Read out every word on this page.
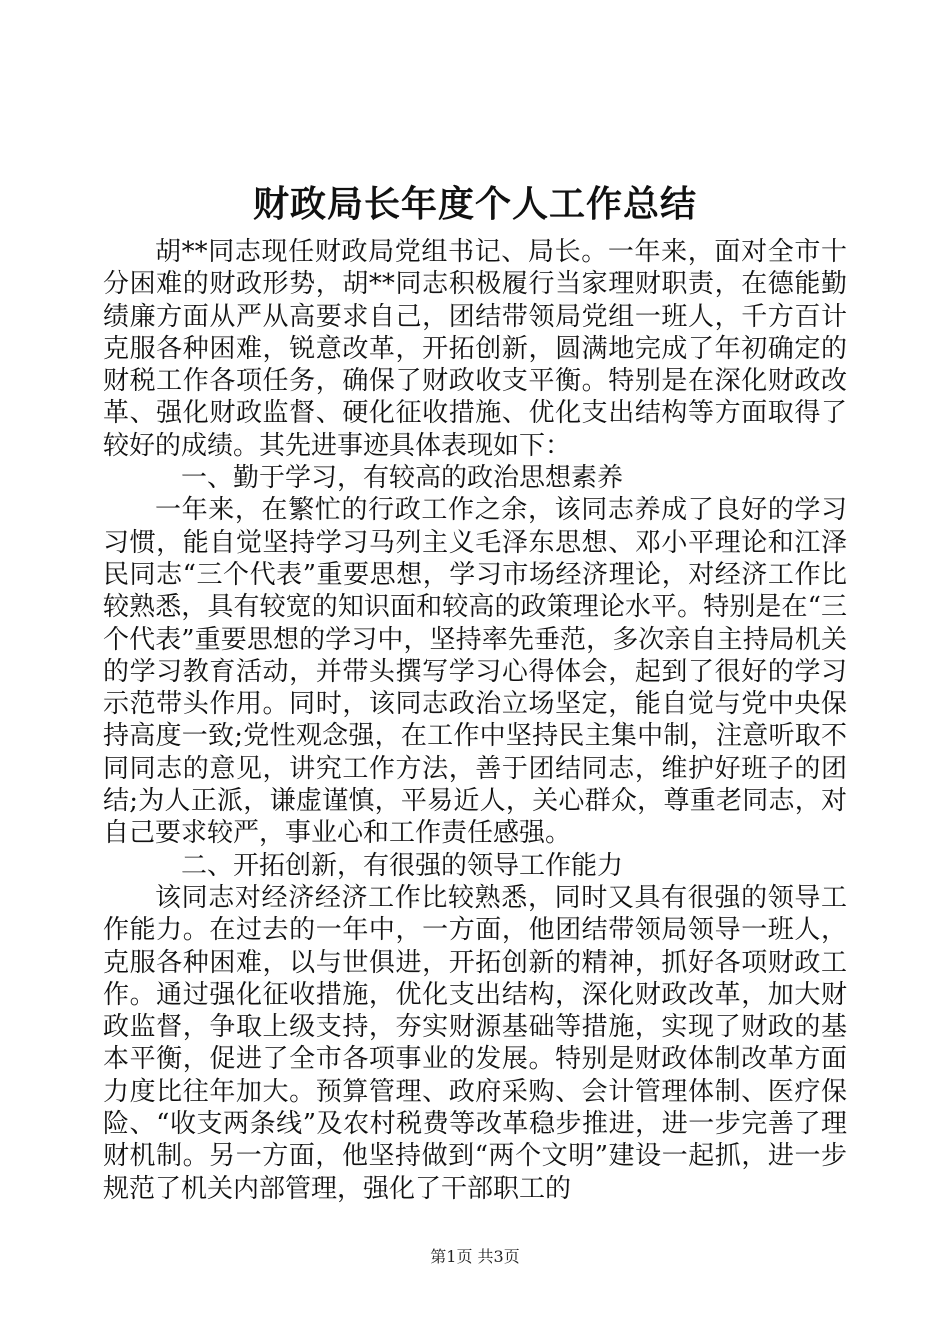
财政局长年度个人工作总结

胡**同志现任财政局党组书记、局长。一年来，面对全市十分困难的财政形势，胡**同志积极履行当家理财职责，在德能勤绩廉方面从严从高要求自己，团结带领局党组一班人，千方百计克服各种困难，锐意改革，开拓创新，圆满地完成了年初确定的财税工作各项任务，确保了财政收支平衡。特别是在深化财政改革、强化财政监督、硬化征收措施、优化支出结构等方面取得了较好的成绩。其先进事迹具体表现如下：

一、勤于学习，有较高的政治思想素养

一年来，在繁忙的行政工作之余，该同志养成了良好的学习习惯，能自觉坚持学习马列主义毛泽东思想、邓小平理论和江泽民同志“三个代表”重要思想，学习市场经济理论，对经济工作比较熟悉，具有较宽的知识面和较高的政策理论水平。特别是在“三个代表”重要思想的学习中，坚持率先垂范，多次亲自主持局机关的学习教育活动，并带头撰写学习心得体会，起到了很好的学习示范带头作用。同时，该同志政治立场坚定，能自觉与党中央保持高度一致;党性观念强，在工作中坚持民主集中制，注意听取不同同志的意见，讲究工作方法，善于团结同志，维护好班子的团结;为人正派，谦虚谨慎，平易近人，关心群众，尊重老同志，对自己要求较严，事业心和工作责任感强。

二、开拓创新，有很强的领导工作能力

该同志对经济经济工作比较熟悉，同时又具有很强的领导工作能力。在过去的一年中，一方面，他团结带领局领导一班人，克服各种困难，以与世俱进，开拓创新的精神，抓好各项财政工作。通过强化征收措施，优化支出结构，深化财政改革，加大财政监督，争取上级支持，夯实财源基础等措施，实现了财政的基本平衡，促进了全市各项事业的发展。特别是财政体制改革方面力度比往年加大。预算管理、政府采购、会计管理体制、医疗保险、“收支两条线”及农村税费等改革稳步推进，进一步完善了理财机制。另一方面，他坚持做到“两个文明”建设一起抓，进一步规范了机关内部管理，强化了干部职工的

第1页 共3页
